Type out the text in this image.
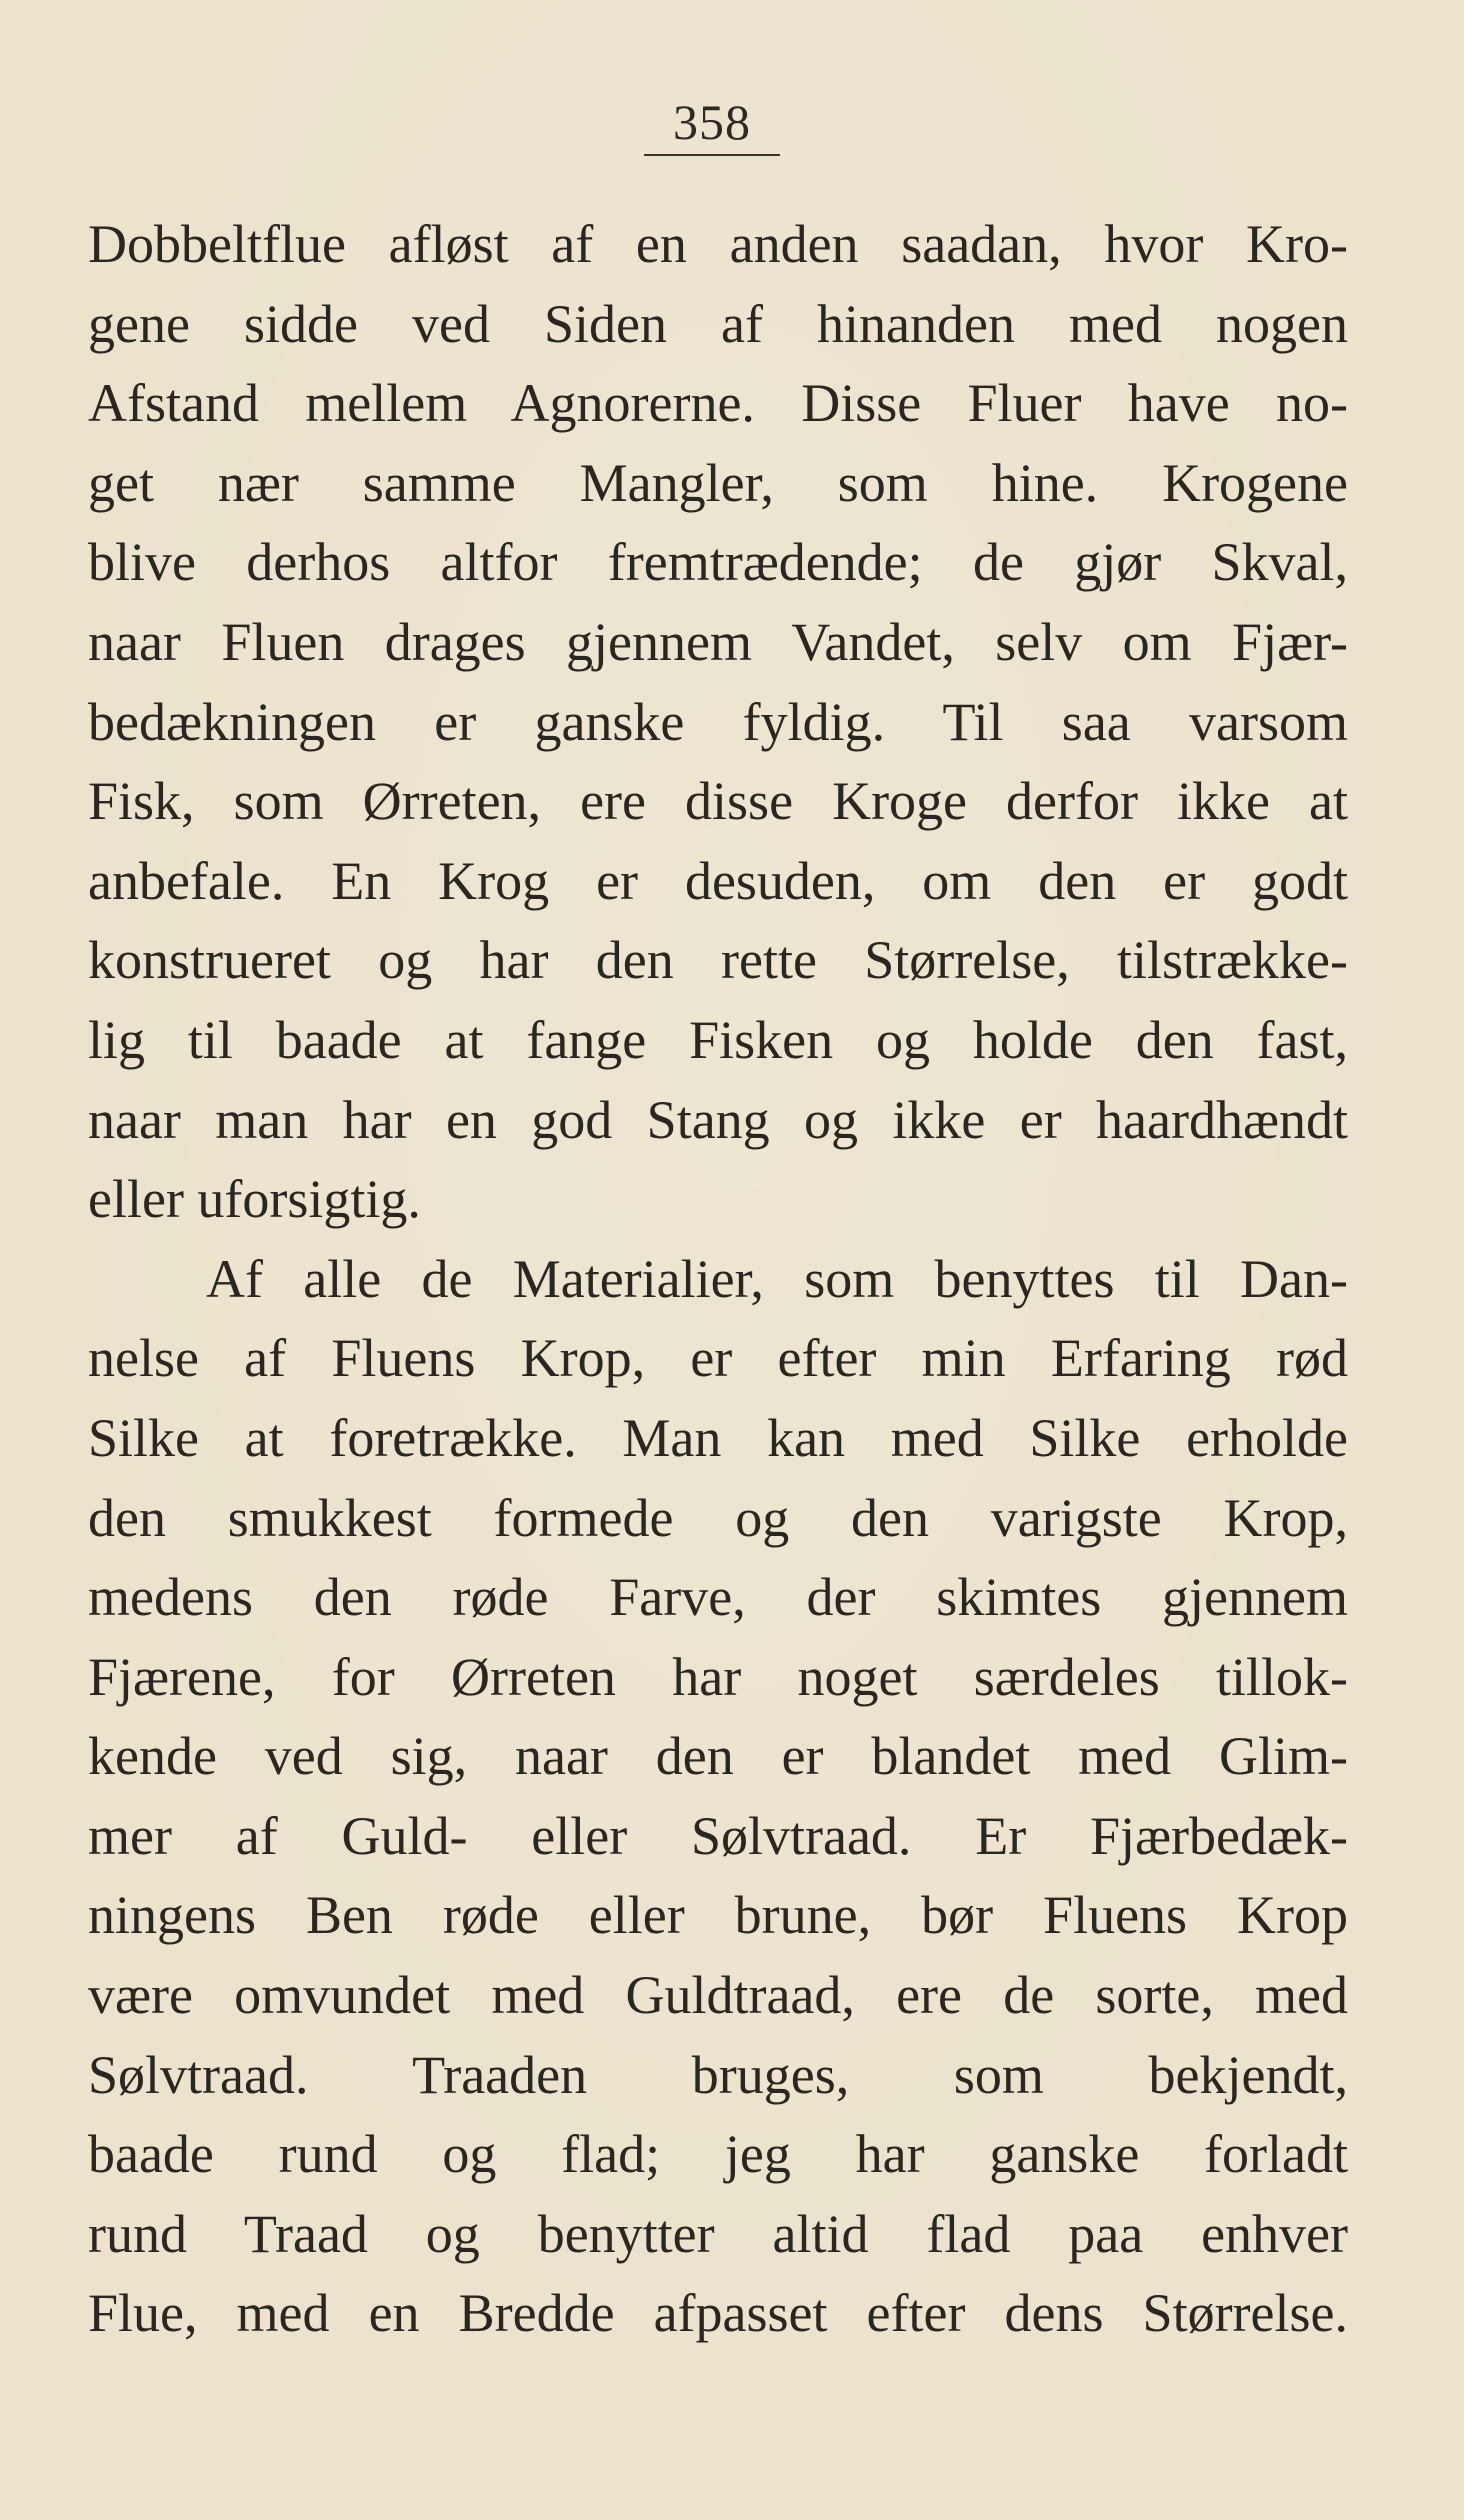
358

Dobbeltflue afløst af en anden saadan, hvor Kro-
gene sidde ved Siden af hinanden med nogen
Afstand mellem Agnorerne. Disse Fluer have no-
get nær samme Mangler, som hine. Krogene
blive derhos altfor fremtrædende; de gjør Skval,
naar Fluen drages gjennem Vandet, selv om Fjær-
bedækningen er ganske fyldig. Til saa varsom
Fisk, som Ørreten, ere disse Kroge derfor ikke at
anbefale. En Krog er desuden, om den er godt
konstrueret og har den rette Størrelse, tilstrække-
lig til baade at fange Fisken og holde den fast,
naar man har en god Stang og ikke er haardhændt
eller uforsigtig.

Af alle de Materialier, som benyttes til Dan-
nelse af Fluens Krop, er efter min Erfaring rød
Silke at foretrække. Man kan med Silke erholde
den smukkest formede og den varigste Krop,
medens den røde Farve, der skimtes gjennem
Fjærene, for Ørreten har noget særdeles tillok-
kende ved sig, naar den er blandet med Glim-
mer af Guld- eller Sølvtraad. Er Fjærbedæk-
ningens Ben røde eller brune, bør Fluens Krop
være omvundet med Guldtraad, ere de sorte, med
Sølvtraad. Traaden bruges, som bekjendt,
baade rund og flad; jeg har ganske forladt
rund Traad og benytter altid flad paa enhver
Flue, med en Bredde afpasset efter dens Størrelse.
